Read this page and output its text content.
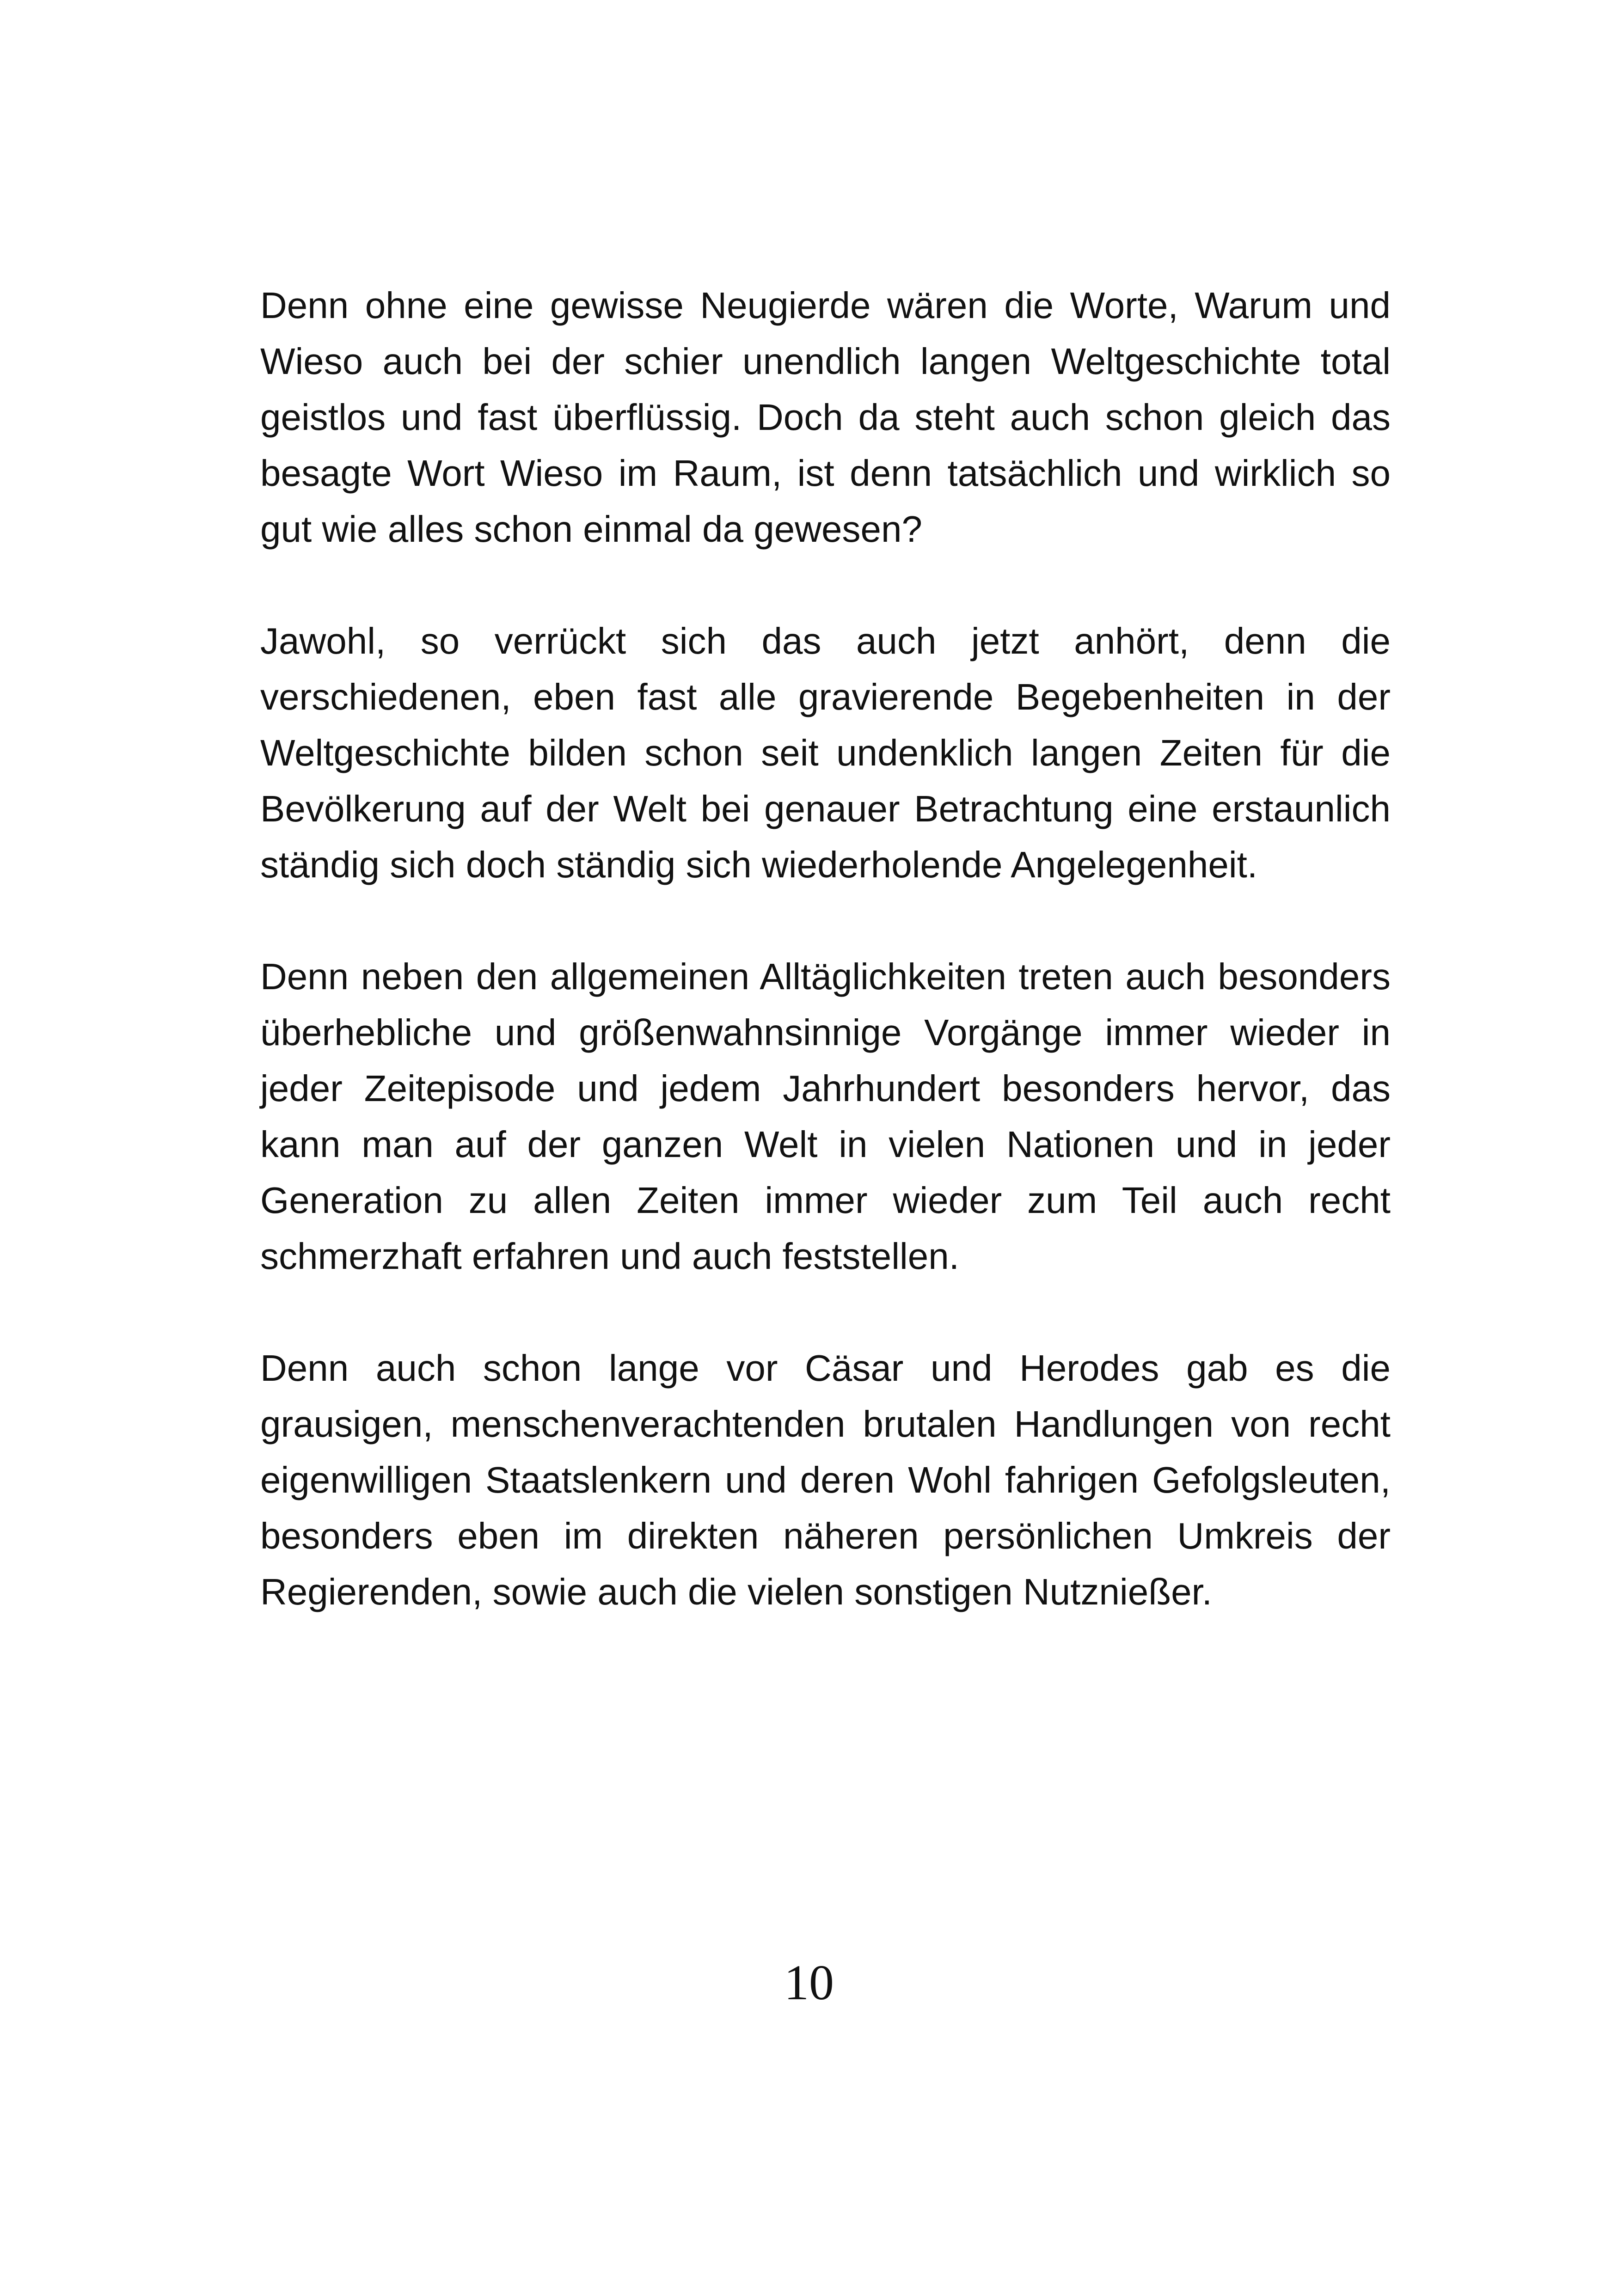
Denn ohne eine gewisse Neugierde wären die Worte, Warum und Wieso auch bei der schier unendlich langen Weltgeschichte total geistlos und fast überflüssig. Doch da steht auch schon gleich das besagte Wort Wieso im Raum, ist denn tatsächlich und wirklich so gut wie alles schon einmal da gewesen?

Jawohl, so verrückt sich das auch jetzt anhört, denn die verschiedenen, eben fast alle gravierende Begebenheiten in der Weltgeschichte bilden schon seit undenklich langen Zeiten für die Bevölkerung auf der Welt bei genauer Betrachtung eine erstaunlich ständig sich doch ständig sich wiederholende Angelegenheit.

Denn neben den allgemeinen Alltäglichkeiten treten auch besonders überhebliche und größenwahnsinnige Vorgänge immer wieder in jeder Zeitepisode und jedem Jahrhundert besonders hervor, das kann man auf der ganzen Welt in vielen Nationen und in jeder Generation zu allen Zeiten immer wieder zum Teil auch recht schmerzhaft erfahren und auch feststellen.

Denn auch schon lange vor Cäsar und Herodes gab es die grausigen, menschenverachtenden brutalen Handlungen von recht eigenwilligen Staatslenkern und deren Wohl fahrigen Gefolgsleuten, besonders eben im direkten näheren persönlichen Umkreis der Regierenden, sowie auch die vielen sonstigen Nutznießer.

10
